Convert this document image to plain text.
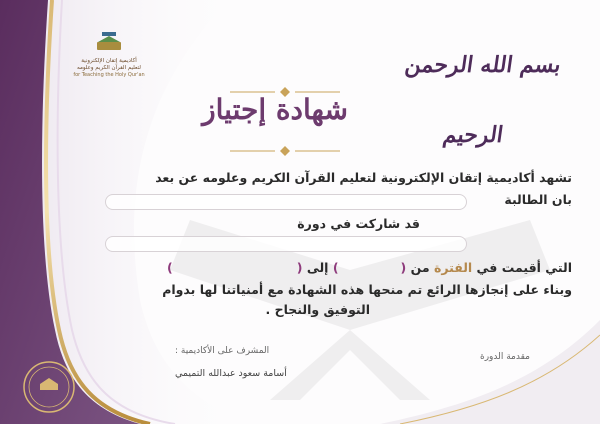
أكاديمية إتقان الإلكترونية
لتعليم القرآن الكريم وعلومه
for Teaching the Holy Qur'an	بسم الله الرحمن الرحيم
شهادة إجتياز
تشهد أكاديمية إتقان الإلكترونية لتعليم القرآن الكريم وعلومه عن بعد
بان الطالبة
قد شاركت في دورة
التي أقيمت في الفترة من () إلى ()
وبناء على إنجازها الرائع تم منحها هذه الشهادة مع أمنياتنا لها بدوام
التوفيق والنجاح .
المشرف على الأكاديمية :
أسامة سعود عبدالله التميمي
مقدمة الدورة
